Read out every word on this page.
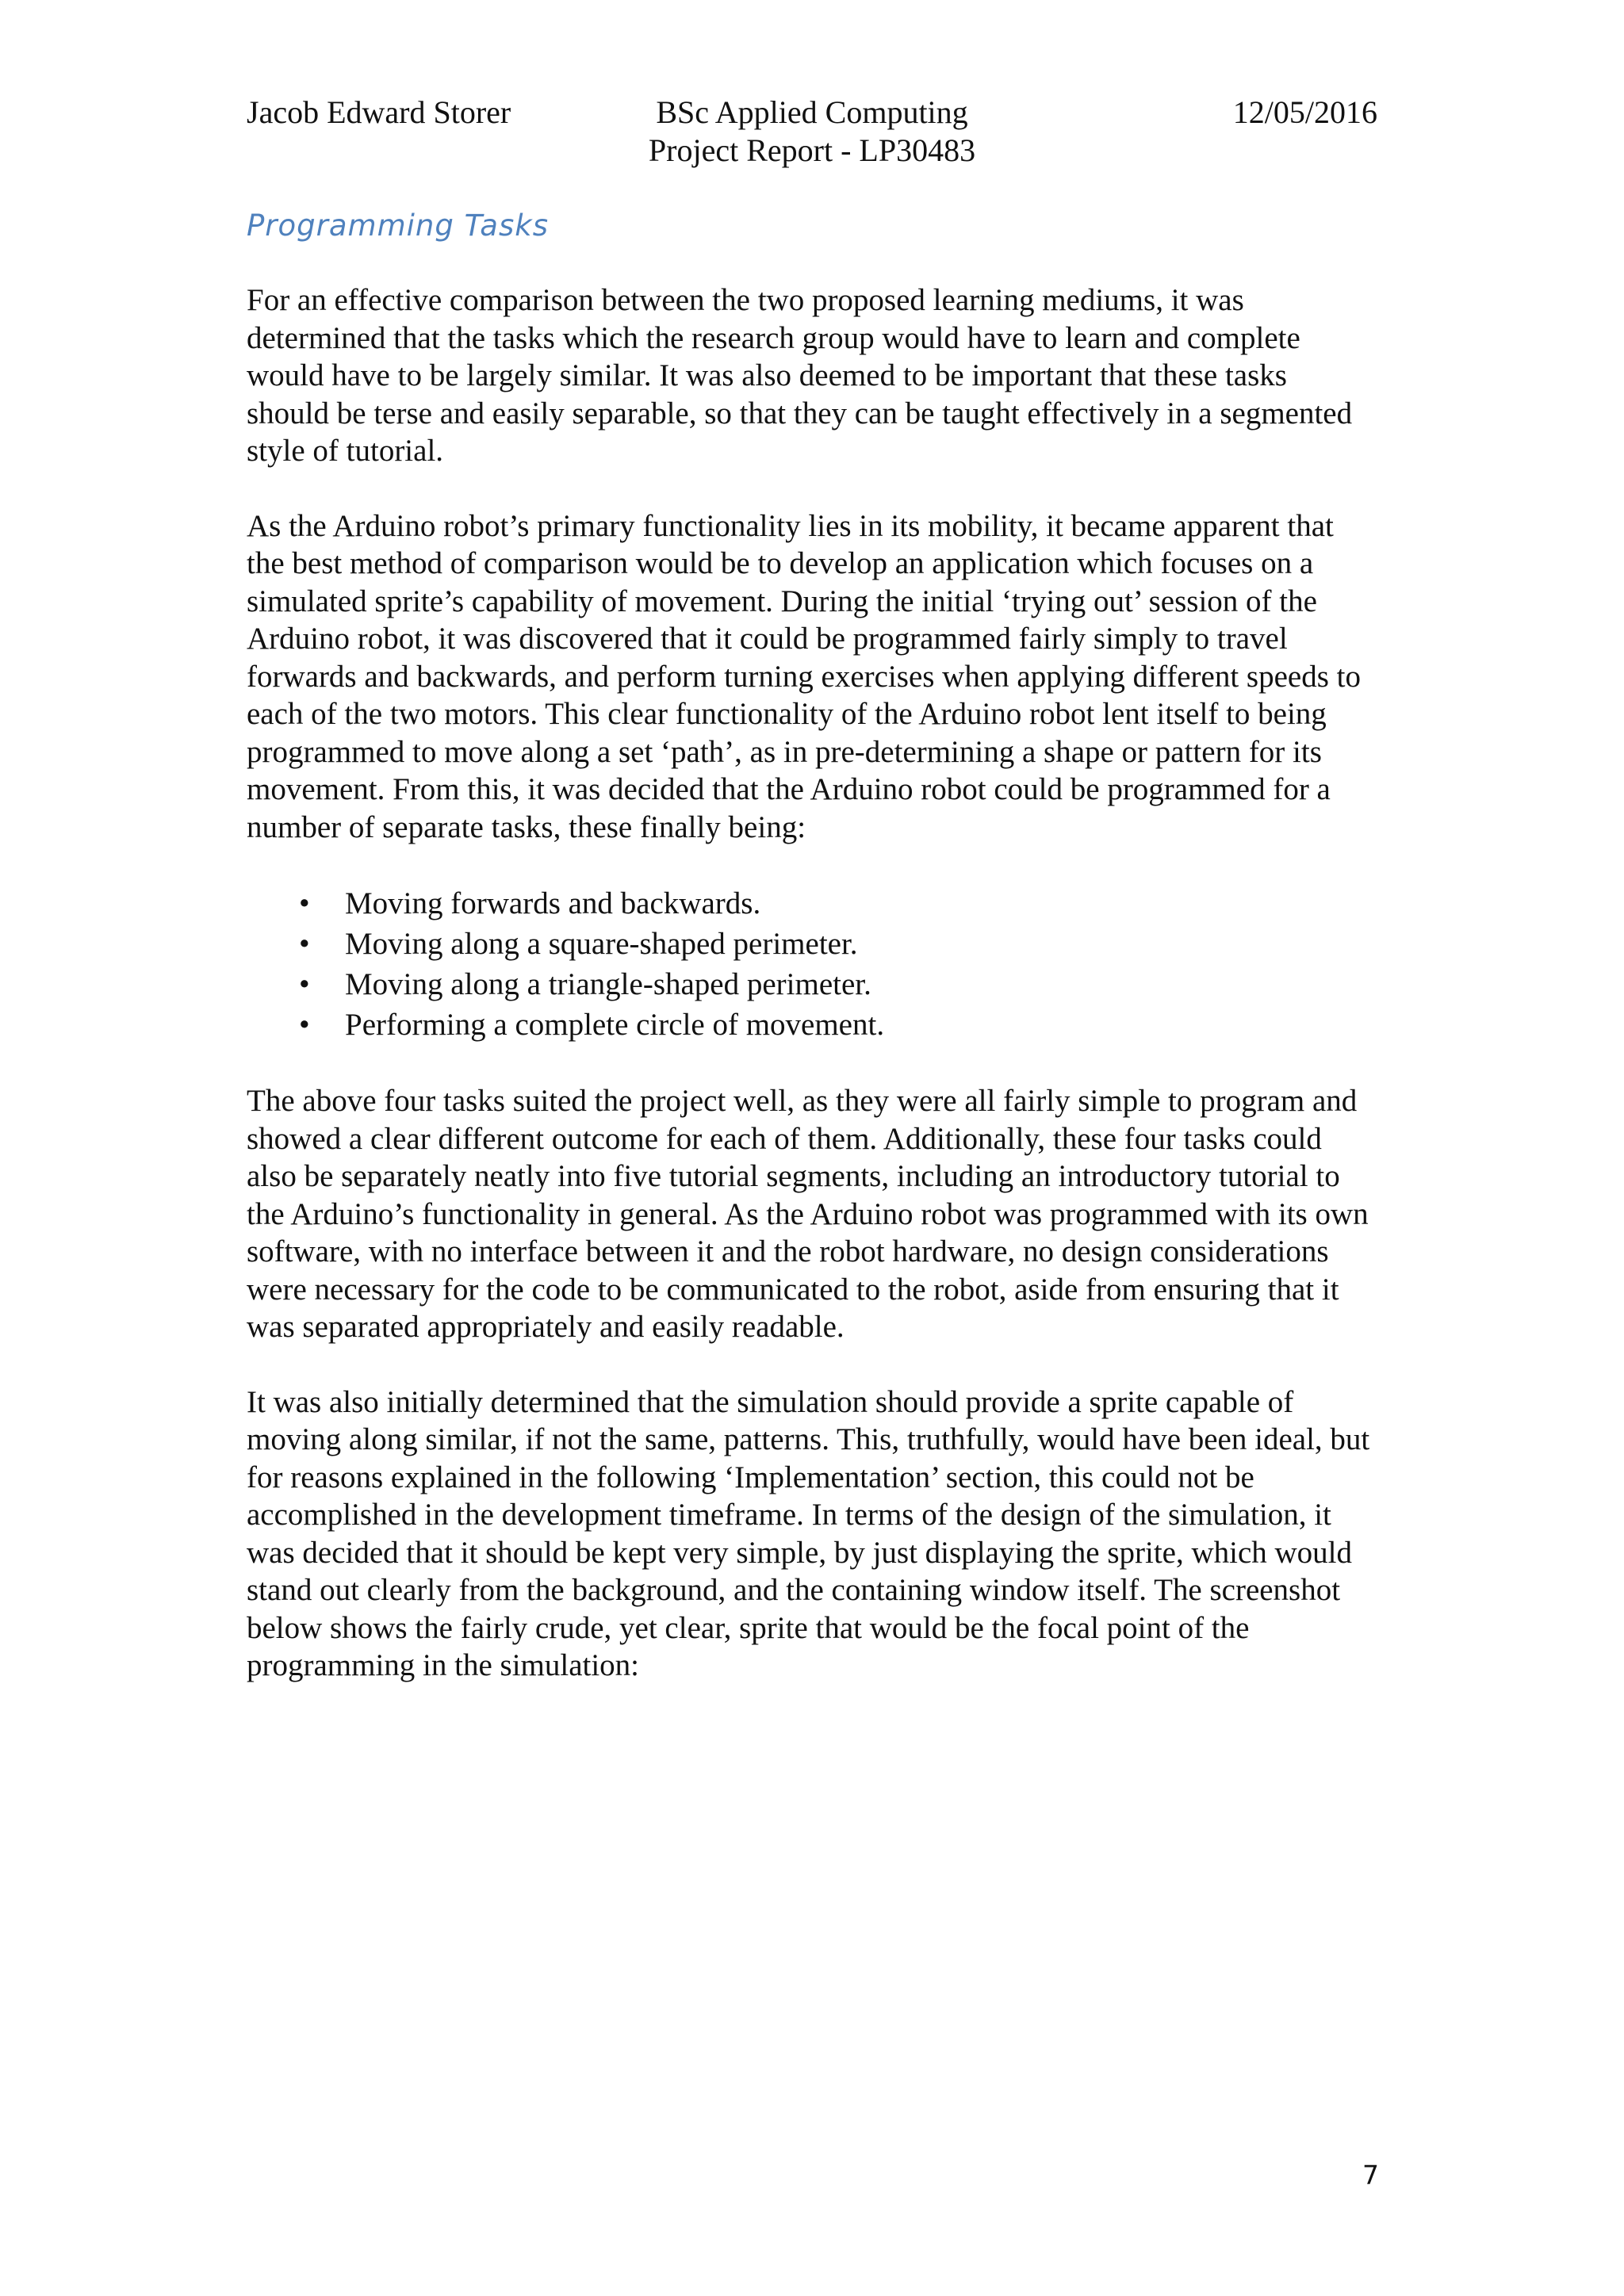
Jacob Edward Storer	BSc Applied Computing
Project Report - LP30483
12/05/2016
Programming Tasks

For an effective comparison between the two proposed learning mediums, it was determined that the tasks which the research group would have to learn and complete would have to be largely similar. It was also deemed to be important that these tasks should be terse and easily separable, so that they can be taught effectively in a segmented style of tutorial.

As the Arduino robot’s primary functionality lies in its mobility, it became apparent that the best method of comparison would be to develop an application which focuses on a simulated sprite’s capability of movement. During the initial ‘trying out’ session of the Arduino robot, it was discovered that it could be programmed fairly simply to travel forwards and backwards, and perform turning exercises when applying different speeds to each of the two motors. This clear functionality of the Arduino robot lent itself to being programmed to move along a set ‘path’, as in pre-determining a shape or pattern for its movement. From this, it was decided that the Arduino robot could be programmed for a number of separate tasks, these finally being:

• Moving forwards and backwards.
• Moving along a square-shaped perimeter.
• Moving along a triangle-shaped perimeter.
• Performing a complete circle of movement.

The above four tasks suited the project well, as they were all fairly simple to program and showed a clear different outcome for each of them. Additionally, these four tasks could also be separately neatly into five tutorial segments, including an introductory tutorial to the Arduino’s functionality in general. As the Arduino robot was programmed with its own software, with no interface between it and the robot hardware, no design considerations were necessary for the code to be communicated to the robot, aside from ensuring that it was separated appropriately and easily readable.

It was also initially determined that the simulation should provide a sprite capable of moving along similar, if not the same, patterns. This, truthfully, would have been ideal, but for reasons explained in the following ‘Implementation’ section, this could not be accomplished in the development timeframe. In terms of the design of the simulation, it was decided that it should be kept very simple, by just displaying the sprite, which would stand out clearly from the background, and the containing window itself. The screenshot below shows the fairly crude, yet clear, sprite that would be the focal point of the programming in the simulation:

7
